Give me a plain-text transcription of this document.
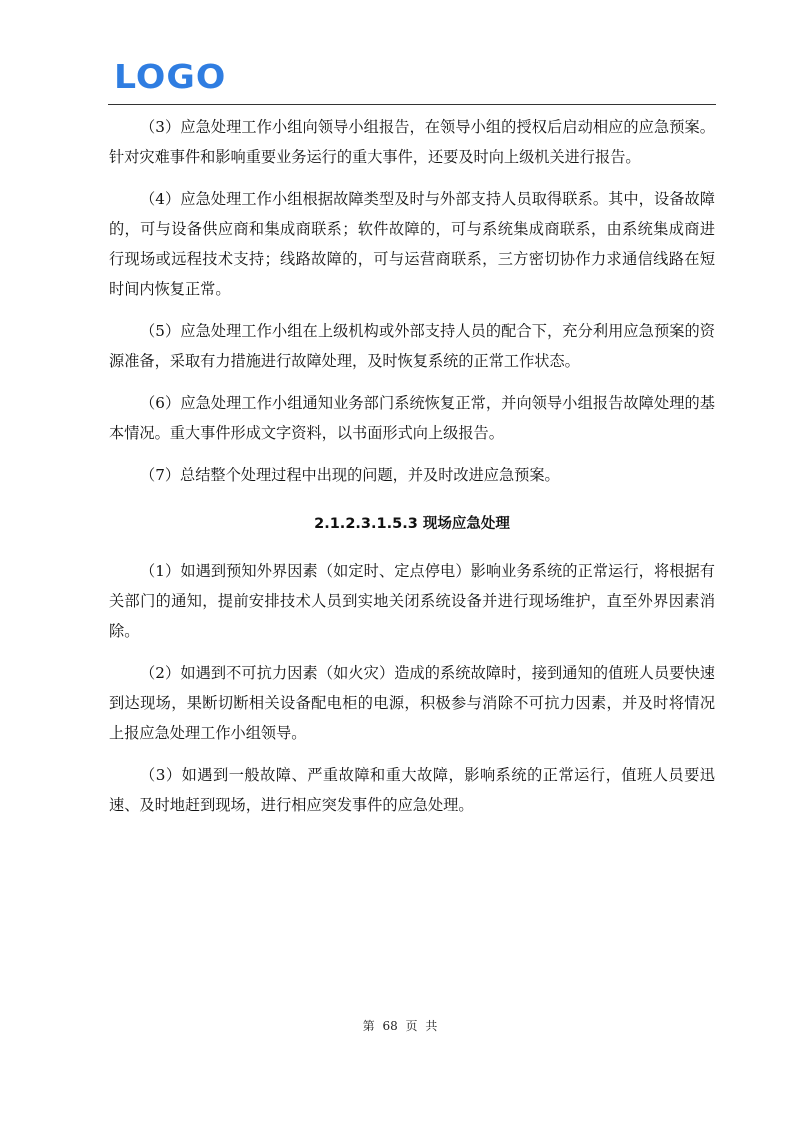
LOGO

（3）应急处理工作小组向领导小组报告，在领导小组的授权后启动相应的应急预案。针对灾难事件和影响重要业务运行的重大事件，还要及时向上级机关进行报告。

（4）应急处理工作小组根据故障类型及时与外部支持人员取得联系。其中，设备故障的，可与设备供应商和集成商联系；软件故障的，可与系统集成商联系，由系统集成商进行现场或远程技术支持；线路故障的，可与运营商联系，三方密切协作力求通信线路在短时间内恢复正常。

（5）应急处理工作小组在上级机构或外部支持人员的配合下，充分利用应急预案的资源准备，采取有力措施进行故障处理，及时恢复系统的正常工作状态。

（6）应急处理工作小组通知业务部门系统恢复正常，并向领导小组报告故障处理的基本情况。重大事件形成文字资料，以书面形式向上级报告。

（7）总结整个处理过程中出现的问题，并及时改进应急预案。

2.1.2.3.1.5.3 现场应急处理

（1）如遇到预知外界因素（如定时、定点停电）影响业务系统的正常运行，将根据有关部门的通知，提前安排技术人员到实地关闭系统设备并进行现场维护，直至外界因素消除。

（2）如遇到不可抗力因素（如火灾）造成的系统故障时，接到通知的值班人员要快速到达现场，果断切断相关设备配电柜的电源，积极参与消除不可抗力因素，并及时将情况上报应急处理工作小组领导。

（3）如遇到一般故障、严重故障和重大故障，影响系统的正常运行，值班人员要迅速、及时地赶到现场，进行相应突发事件的应急处理。

第 68 页 共
